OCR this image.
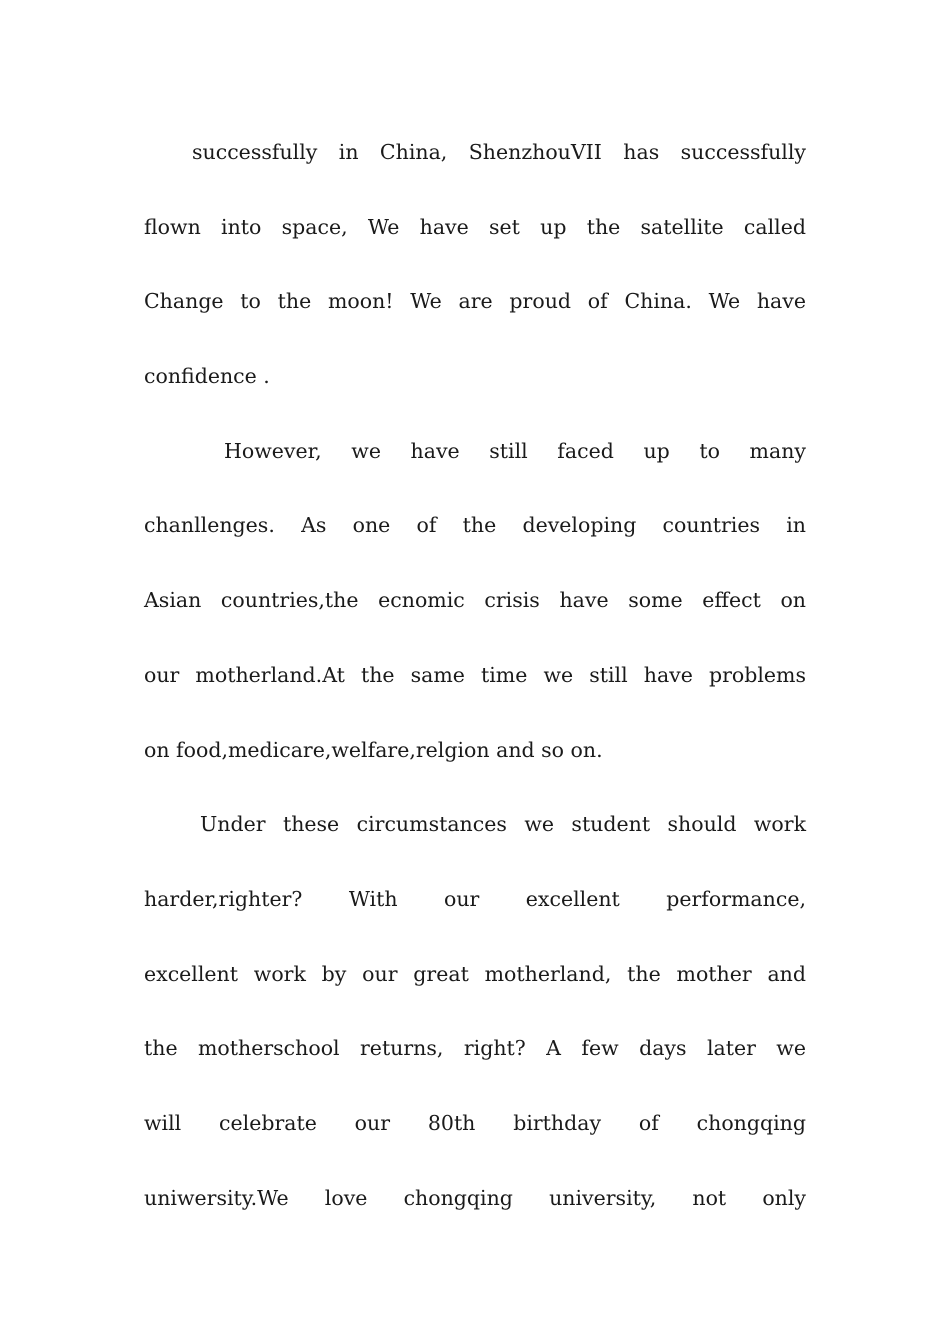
successfully in China, ShenzhouVII has successfully
flown into space, We have set up the satellite called
Change to the moon! We are proud of China. We have
confidence .
However, we have still faced up to many
chanllenges. As one of the developing countries in
Asian countries,the ecnomic crisis have some effect on
our motherland.At the same time we still have problems
on food,medicare,welfare,relgion and so on.
Under these circumstances we student should work
harder,righter? With our excellent performance,
excellent work by our great motherland, the mother and
the motherschool returns, right? A few days later we
will celebrate our 80th birthday of chongqing
uniwersity.We love chongqing university, not only
